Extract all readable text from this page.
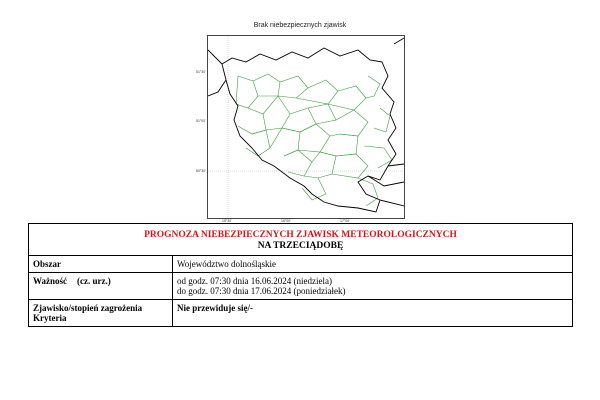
Brak niebezpiecznych zjawisk
51°30'
51°00'
50°30'
15°30'	16°00'	17°00'
PROGNOZA NIEBEZPIECZNYCH ZJAWISK METEOROLOGICZNYCH
NA TRZECIĄDOBĘ	

Obszar	Województwo dolnośląskie
Ważność (cz. urz.)	od godz. 07:30 dnia 16.06.2024 (niedziela)
do godz. 07:30 dnia 17.06.2024 (poniedziałek)

Zjawisko/stopień zagrożenia
Kryteria	Nie przewiduje się/-
